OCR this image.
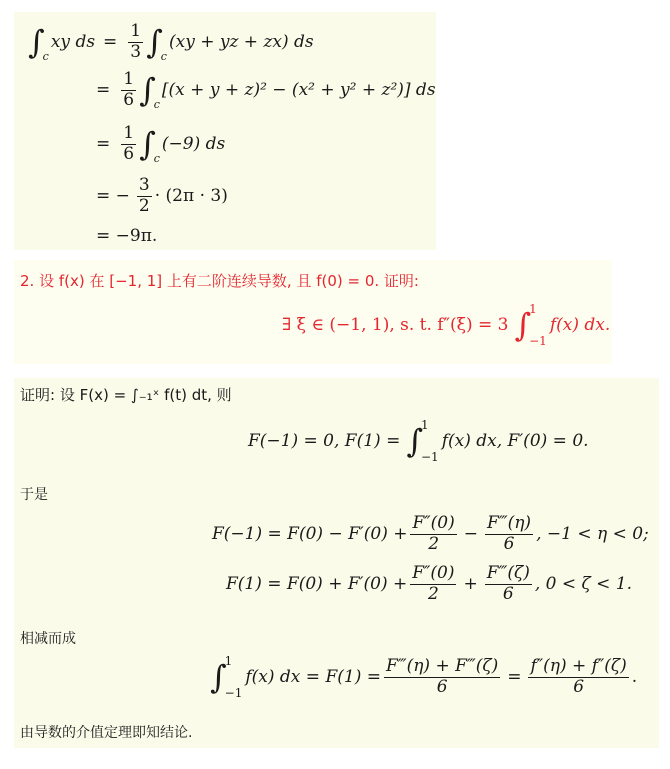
∫
c
xy ds = $\frac{1}{3}$ ∫
c
(xy + yz + zx) ds
= $\frac{1}{6}$ ∫
c
[(x + y + z)² − (x² + y² + z²)] ds
= $\frac{1}{6}$ ∫
c
(−9) ds
= − $\frac{3}{2} \cdot (2\pi \cdot 3)$
= −9π.
2. 设 f(x) 在 [−1, 1] 上有二阶连续导数, 且 f(0) = 0. 证明:
∃ ξ ∈ (−1, 1), s. t. f″(ξ) = 3 ∫
1
−1
f(x) dx.
证明: 设 F(x) = ∫₋₁ˣ f(t) dt, 则
F(−1) = 0, F(1) = ∫
1
−1
f(x) dx, F′(0) = 0.
于是
$F(-1) = F(0) - F'(0) + \frac{F''(0)}{2} - \frac{F‴(\eta)}{6}$ , −1 < η < 0;
$F(1) = F(0) + F'(0) + \frac{F''(0)}{2} + \frac{F‴(\zeta)}{6}$ , 0 < ζ < 1.
相减而成
∫
1
−1
f(x) dx = $F(1) = \frac{F‴(\eta) + F‴(\zeta)}{6} = \frac{f''(\eta) + f''(\zeta)}{6}$ .
由导数的介值定理即知结论.
